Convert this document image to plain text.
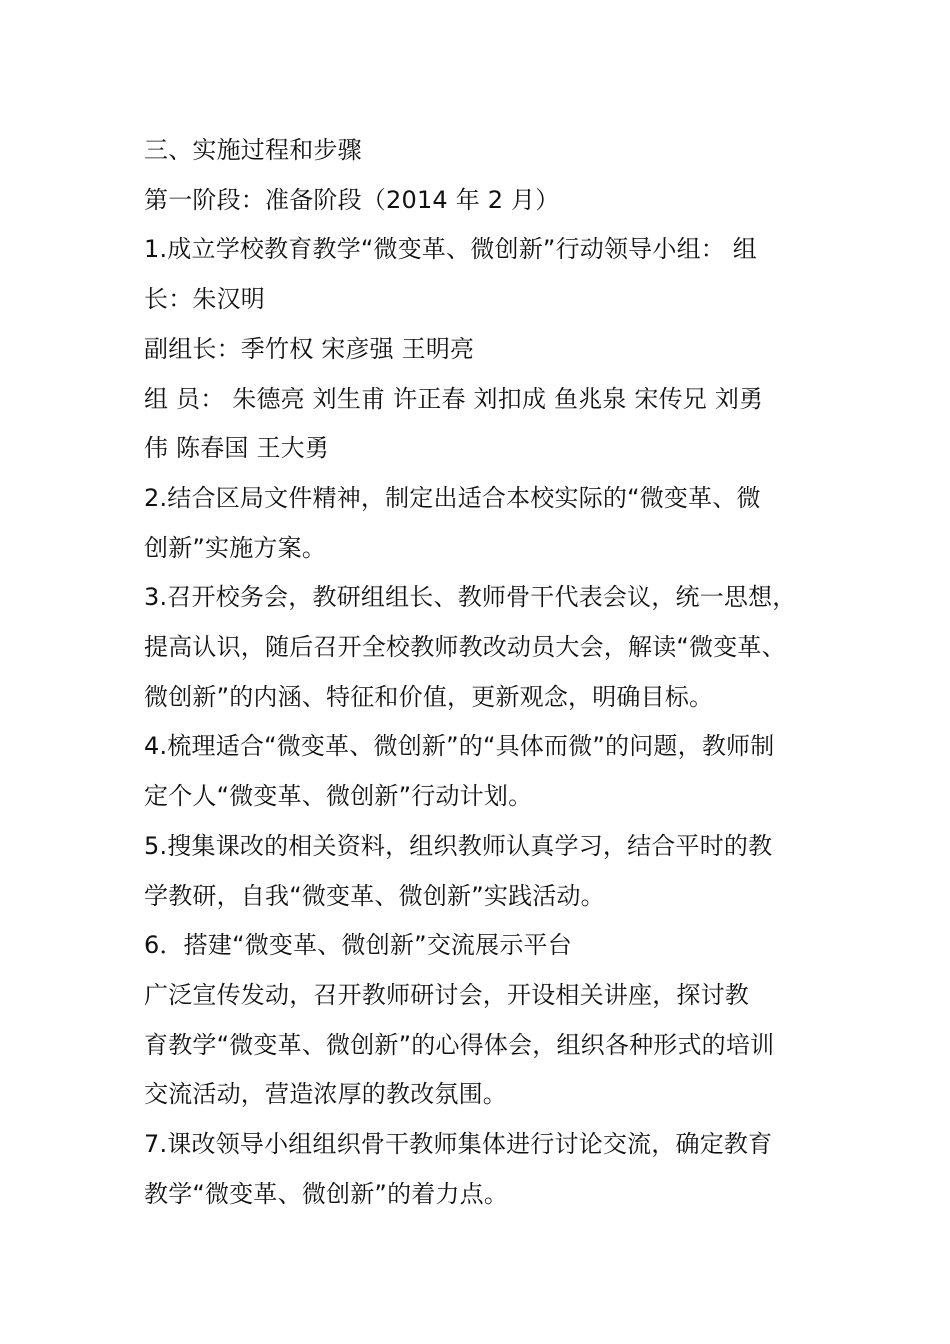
三、实施过程和步骤

第一阶段：准备阶段（2014 年 2 月）

1.成立学校教育教学“微变革、微创新”行动领导小组： 组

长：朱汉明

副组长：季竹权 宋彦强 王明亮

组 员： 朱德亮 刘生甫 许正春 刘扣成 鱼兆泉 宋传兄 刘勇

伟 陈春国 王大勇

2.结合区局文件精神，制定出适合本校实际的“微变革、微

创新”实施方案。

3.召开校务会，教研组组长、教师骨干代表会议，统一思想，

提高认识，随后召开全校教师教改动员大会，解读“微变革、

微创新”的内涵、特征和价值，更新观念，明确目标。

4.梳理适合“微变革、微创新”的“具体而微”的问题，教师制

定个人“微变革、微创新”行动计划。

5.搜集课改的相关资料，组织教师认真学习，结合平时的教

学教研，自我“微变革、微创新”实践活动。

6．搭建“微变革、微创新”交流展示平台

广泛宣传发动，召开教师研讨会，开设相关讲座，探讨教

育教学“微变革、微创新”的心得体会，组织各种形式的培训

交流活动，营造浓厚的教改氛围。

7.课改领导小组组织骨干教师集体进行讨论交流，确定教育

教学“微变革、微创新”的着力点。
